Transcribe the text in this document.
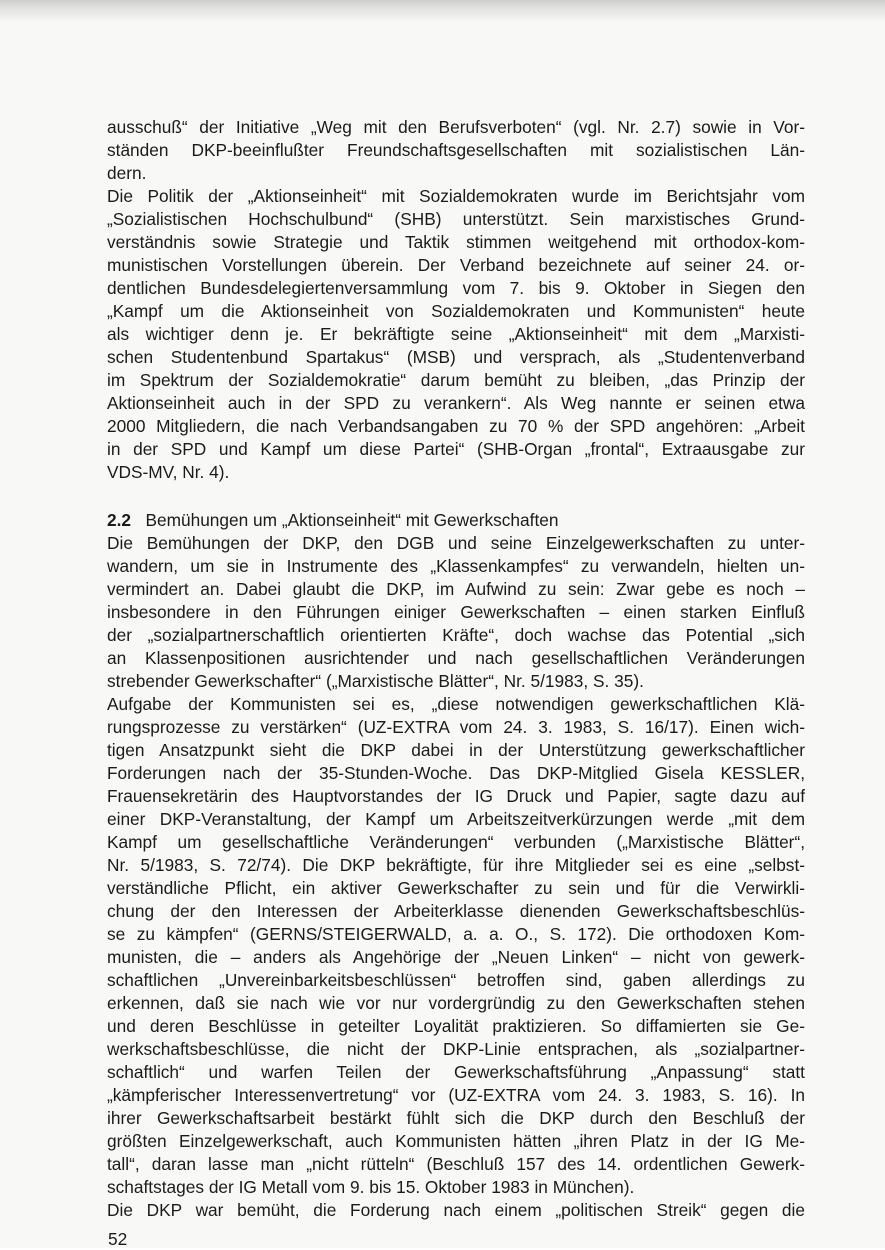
ausschuß“ der Initiative „Weg mit den Berufsverboten“ (vgl. Nr. 2.7) sowie in Vor-

ständen DKP-beeinflußter Freundschaftsgesellschaften mit sozialistischen Län-

dern.

Die Politik der „Aktionseinheit“ mit Sozialdemokraten wurde im Berichtsjahr vom

„Sozialistischen Hochschulbund“ (SHB) unterstützt. Sein marxistisches Grund-

verständnis sowie Strategie und Taktik stimmen weitgehend mit orthodox-kom-

munistischen Vorstellungen überein. Der Verband bezeichnete auf seiner 24. or-

dentlichen Bundesdelegiertenversammlung vom 7. bis 9. Oktober in Siegen den

„Kampf um die Aktionseinheit von Sozialdemokraten und Kommunisten“ heute

als wichtiger denn je. Er bekräftigte seine „Aktionseinheit“ mit dem „Marxisti-

schen Studentenbund Spartakus“ (MSB) und versprach, als „Studentenverband

im Spektrum der Sozialdemokratie“ darum bemüht zu bleiben, „das Prinzip der

Aktionseinheit auch in der SPD zu verankern“. Als Weg nannte er seinen etwa

2000 Mitgliedern, die nach Verbandsangaben zu 70 % der SPD angehören: „Arbeit

in der SPD und Kampf um diese Partei“ (SHB-Organ „frontal“, Extraausgabe zur

VDS-MV, Nr. 4).

2.2 Bemühungen um „Aktionseinheit“ mit Gewerkschaften

Die Bemühungen der DKP, den DGB und seine Einzelgewerkschaften zu unter-

wandern, um sie in Instrumente des „Klassenkampfes“ zu verwandeln, hielten un-

vermindert an. Dabei glaubt die DKP, im Aufwind zu sein: Zwar gebe es noch –

insbesondere in den Führungen einiger Gewerkschaften – einen starken Einfluß

der „sozialpartnerschaftlich orientierten Kräfte“, doch wachse das Potential „sich

an Klassenpositionen ausrichtender und nach gesellschaftlichen Veränderungen

strebender Gewerkschafter“ („Marxistische Blätter“, Nr. 5/1983, S. 35).

Aufgabe der Kommunisten sei es, „diese notwendigen gewerkschaftlichen Klä-

rungsprozesse zu verstärken“ (UZ-EXTRA vom 24. 3. 1983, S. 16/17). Einen wich-

tigen Ansatzpunkt sieht die DKP dabei in der Unterstützung gewerkschaftlicher

Forderungen nach der 35-Stunden-Woche. Das DKP-Mitglied Gisela KESSLER,

Frauensekretärin des Hauptvorstandes der IG Druck und Papier, sagte dazu auf

einer DKP-Veranstaltung, der Kampf um Arbeitszeitverkürzungen werde „mit dem

Kampf um gesellschaftliche Veränderungen“ verbunden („Marxistische Blätter“,

Nr. 5/1983, S. 72/74). Die DKP bekräftigte, für ihre Mitglieder sei es eine „selbst-

verständliche Pflicht, ein aktiver Gewerkschafter zu sein und für die Verwirkli-

chung der den Interessen der Arbeiterklasse dienenden Gewerkschaftsbeschlüs-

se zu kämpfen“ (GERNS/STEIGERWALD, a. a. O., S. 172). Die orthodoxen Kom-

munisten, die – anders als Angehörige der „Neuen Linken“ – nicht von gewerk-

schaftlichen „Unvereinbarkeitsbeschlüssen“ betroffen sind, gaben allerdings zu

erkennen, daß sie nach wie vor nur vordergründig zu den Gewerkschaften stehen

und deren Beschlüsse in geteilter Loyalität praktizieren. So diffamierten sie Ge-

werkschaftsbeschlüsse, die nicht der DKP-Linie entsprachen, als „sozialpartner-

schaftlich“ und warfen Teilen der Gewerkschaftsführung „Anpassung“ statt

„kämpferischer Interessenvertretung“ vor (UZ-EXTRA vom 24. 3. 1983, S. 16). In

ihrer Gewerkschaftsarbeit bestärkt fühlt sich die DKP durch den Beschluß der

größten Einzelgewerkschaft, auch Kommunisten hätten „ihren Platz in der IG Me-

tall“, daran lasse man „nicht rütteln“ (Beschluß 157 des 14. ordentlichen Gewerk-

schaftstages der IG Metall vom 9. bis 15. Oktober 1983 in München).

Die DKP war bemüht, die Forderung nach einem „politischen Streik“ gegen die

52
